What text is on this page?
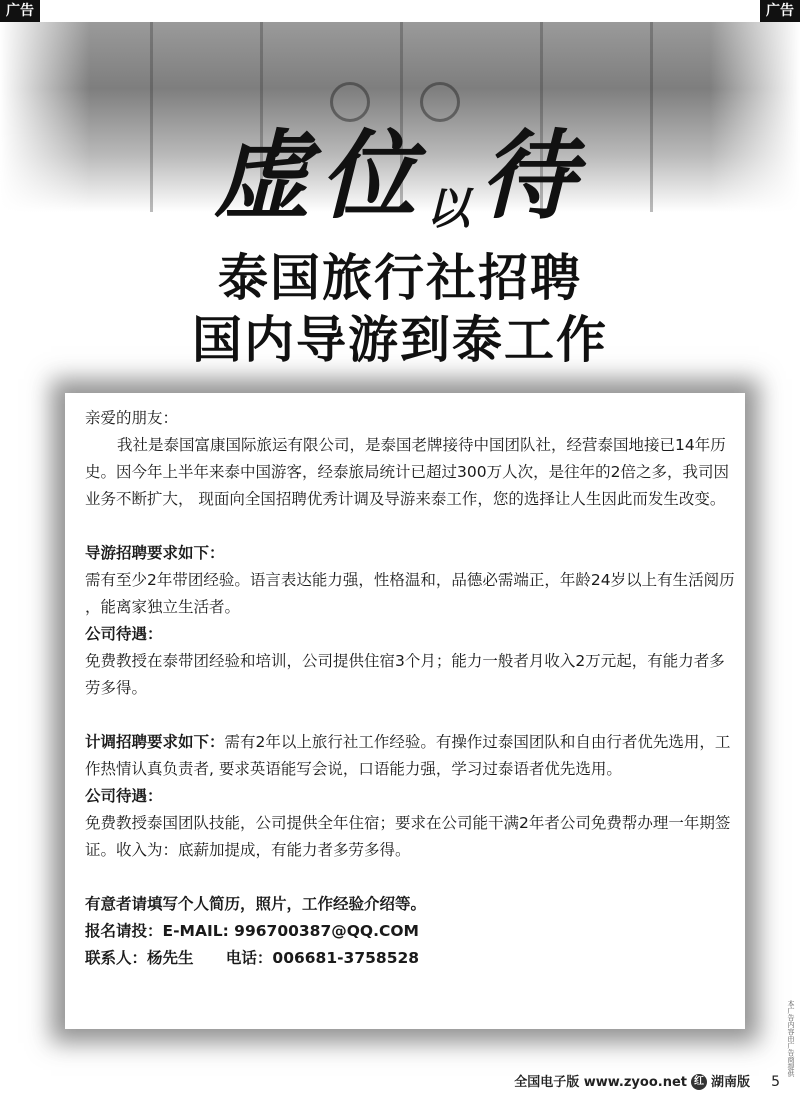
广告	广告
虚位以待
泰国旅行社招聘
国内导游到泰工作

亲爱的朋友：

我社是泰国富康国际旅运有限公司，是泰国老牌接待中国团队社，经营泰国地接已14年历史。因今年上半年来泰中国游客，经泰旅局统计已超过300万人次，是往年的2倍之多，我司因业务不断扩大， 现面向全国招聘优秀计调及导游来泰工作，您的选择让人生因此而发生改变。

导游招聘要求如下：

需有至少2年带团经验。语言表达能力强，性格温和，品德必需端正，年龄24岁以上有生活阅历 ，能离家独立生活者。

公司待遇：

免费教授在泰带团经验和培训，公司提供住宿3个月；能力一般者月收入2万元起，有能力者多劳多得。

计调招聘要求如下：需有2年以上旅行社工作经验。有操作过泰国团队和自由行者优先选用，工作热情认真负责者, 要求英语能写会说，口语能力强，学习过泰语者优先选用。

公司待遇：

免费教授泰国团队技能，公司提供全年住宿；要求在公司能干满2年者公司免费帮办理一年期签证。收入为：底薪加提成，有能力者多劳多得。

有意者请填写个人简历，照片，工作经验介绍等。

报名请投：E-MAIL: 996700387@QQ.COM

联系人：杨先生 电话：006681-3758528

全国电子版 www.zyoo.net 红 湖南版 5
本广告内容由广告商提供
